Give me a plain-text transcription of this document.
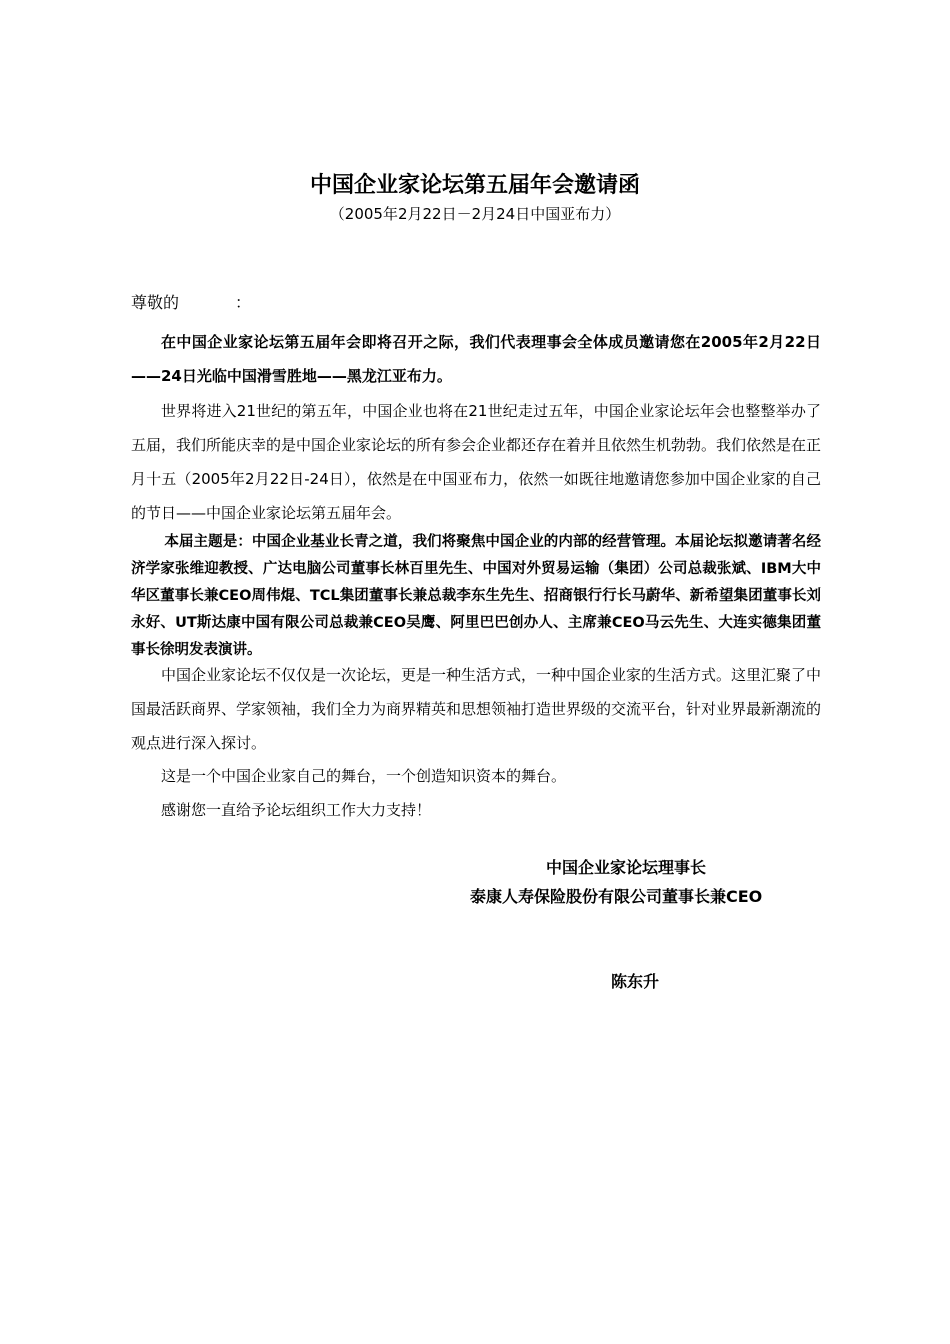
中国企业家论坛第五届年会邀请函
（2005年2月22日－2月24日中国亚布力）
尊敬的	：

在中国企业家论坛第五届年会即将召开之际，我们代表理事会全体成员邀请您在2005年2月22日——24日光临中国滑雪胜地——黑龙江亚布力。

世界将进入21世纪的第五年，中国企业也将在21世纪走过五年，中国企业家论坛年会也整整举办了五届，我们所能庆幸的是中国企业家论坛的所有参会企业都还存在着并且依然生机勃勃。我们依然是在正月十五（2005年2月22日-24日），依然是在中国亚布力，依然一如既往地邀请您参加中国企业家的自己的节日——中国企业家论坛第五届年会。

本届主题是：中国企业基业长青之道，我们将聚焦中国企业的内部的经营管理。本届论坛拟邀请著名经济学家张维迎教授、广达电脑公司董事长林百里先生、中国对外贸易运输（集团）公司总裁张斌、IBM大中华区董事长兼CEO周伟焜、TCL集团董事长兼总裁李东生先生、招商银行行长马蔚华、新希望集团董事长刘永好、UT斯达康中国有限公司总裁兼CEO吴鹰、阿里巴巴创办人、主席兼CEO马云先生、大连实德集团董事长徐明发表演讲。

中国企业家论坛不仅仅是一次论坛，更是一种生活方式，一种中国企业家的生活方式。这里汇聚了中国最活跃商界、学家领袖，我们全力为商界精英和思想领袖打造世界级的交流平台，针对业界最新潮流的观点进行深入探讨。

这是一个中国企业家自己的舞台，一个创造知识资本的舞台。

感谢您一直给予论坛组织工作大力支持！

中国企业家论坛理事长
泰康人寿保险股份有限公司董事长兼CEO
陈东升
